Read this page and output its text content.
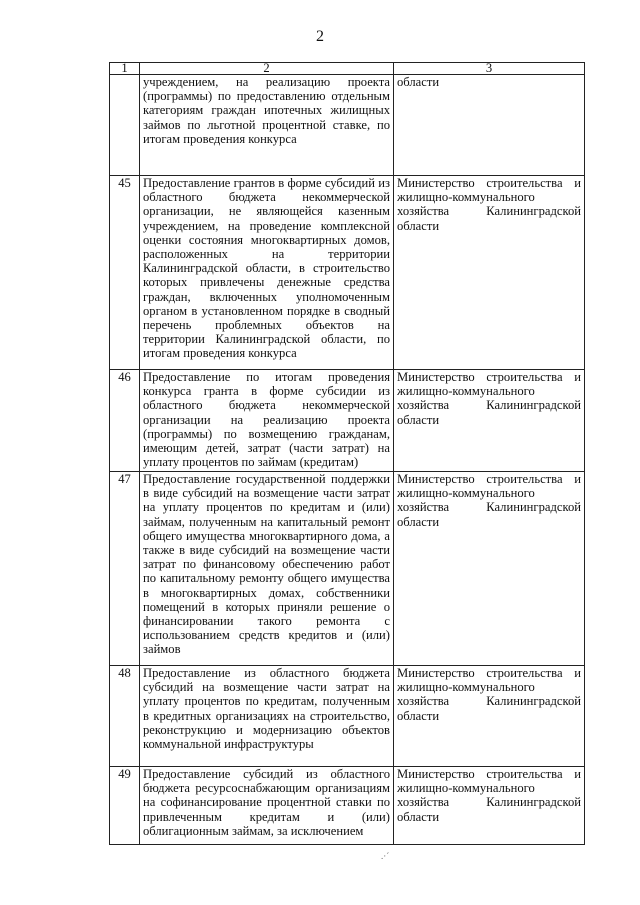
2
1	2	3
	учреждением, на реализацию проекта (программы) по предоставлению отдельным категориям граждан ипотечных жилищных займов по льготной процентной ставке, по итогам проведения конкурса	области
45	Предоставление грантов в форме субсидий из областного бюджета некоммерческой организации, не являющейся казенным учреждением, на проведение комплексной оценки состояния многоквартирных домов, расположенных на территории Калининградской области, в строительство которых привлечены денежные средства граждан, включенных уполномоченным органом в установленном порядке в сводный перечень проблемных объектов на территории Калининградской области, по итогам проведения конкурса	Министерство строительства и жилищно-коммунального хозяйства Калининградской области
46	Предоставление по итогам проведения конкурса гранта в форме субсидии из областного бюджета некоммерческой организации на реализацию проекта (программы) по возмещению гражданам, имеющим детей, затрат (части затрат) на уплату процентов по займам (кредитам)	Министерство строительства и жилищно-коммунального хозяйства Калининградской области
47	Предоставление государственной поддержки в виде субсидий на возмещение части затрат на уплату процентов по кредитам и (или) займам, полученным на капитальный ремонт общего имущества многоквартирного дома, а также в виде субсидий на возмещение части затрат по финансовому обеспечению работ по капитальному ремонту общего имущества в многоквартирных домах, собственники помещений в которых приняли решение о финансировании такого ремонта с использованием средств кредитов и (или) займов	Министерство строительства и жилищно-коммунального хозяйства Калининградской области
48	Предоставление из областного бюджета субсидий на возмещение части затрат на уплату процентов по кредитам, полученным в кредитных организациях на строительство, реконструкцию и модернизацию объектов коммунальной инфраструктуры	Министерство строительства и жилищно-коммунального хозяйства Калининградской области
49	Предоставление субсидий из областного бюджета ресурсоснабжающим организациям на софинансирование процентной ставки по привлеченным кредитам и (или) облигационным займам, за исключением	Министерство строительства и жилищно-коммунального хозяйства Калининградской области
.·´
